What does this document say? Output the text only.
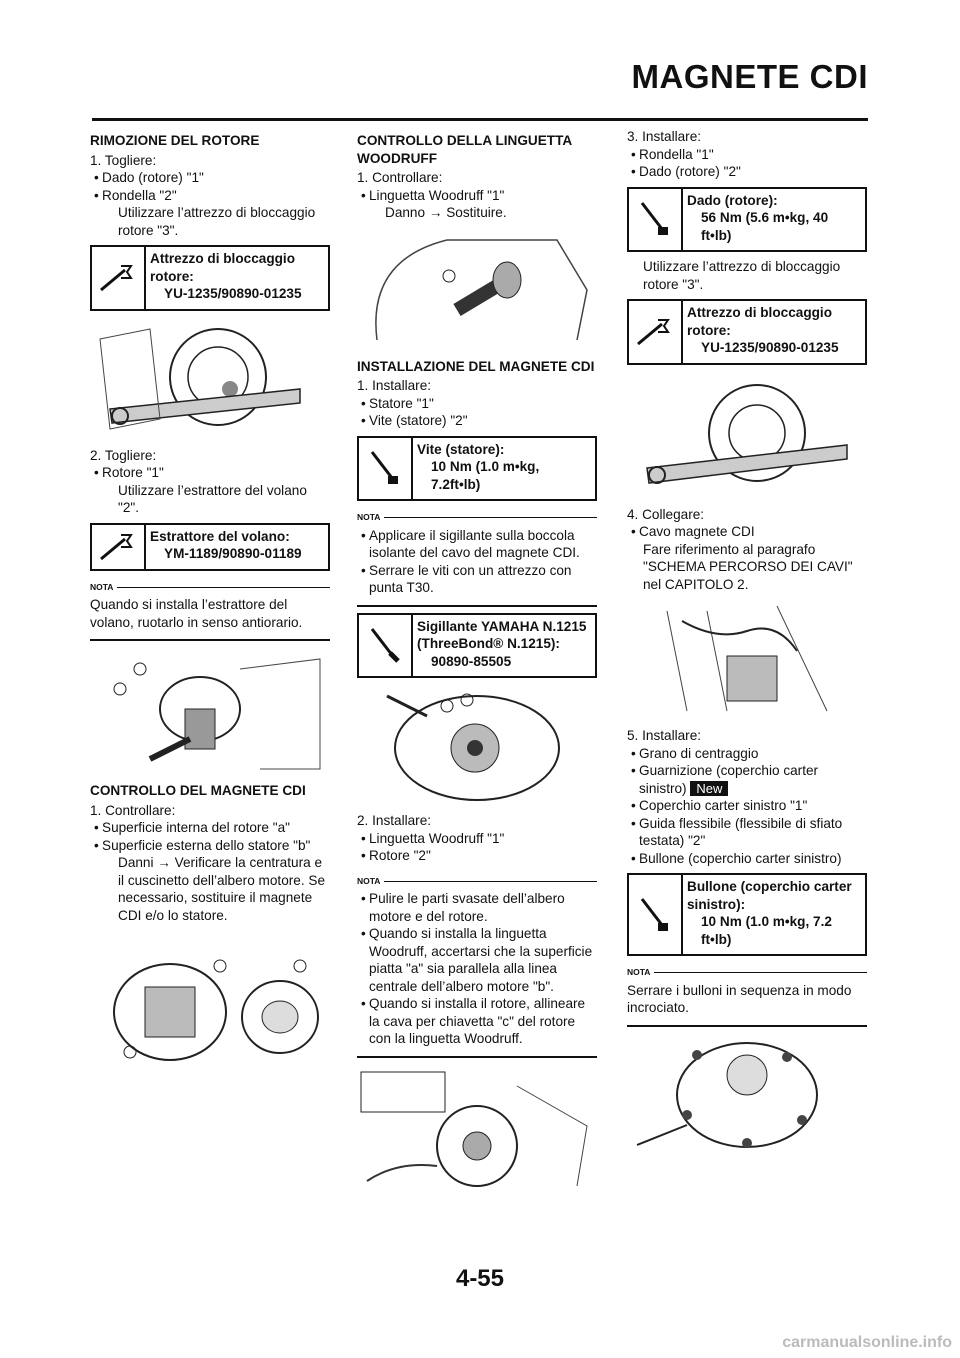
MAGNETE CDI
RIMOZIONE DEL ROTORE
1. Togliere:
• Dado (rotore) "1"
• Rondella "2"
Utilizzare l’attrezzo di bloccaggio rotore "3".
Attrezzo di bloccaggio rotore:
YU-1235/90890-01235
2. Togliere:
• Rotore "1"
Utilizzare l’estrattore del volano "2".
Estrattore del volano:
YM-1189/90890-01189
NOTA
Quando si installa l’estrattore del volano, ruotarlo in senso antiorario.
CONTROLLO DEL MAGNETE CDI
1. Controllare:
• Superficie interna del rotore "a"
• Superficie esterna dello statore "b"
Danni → Verificare la centratura e il cuscinetto dell’albero motore. Se necessario, sostituire il magnete CDI e/o lo statore.
CONTROLLO DELLA LINGUETTA WOODRUFF
1. Controllare:
• Linguetta Woodruff "1"
Danno → Sostituire.
INSTALLAZIONE DEL MAGNETE CDI
1. Installare:
• Statore "1"
• Vite (statore) "2"
Vite (statore):
10 Nm (1.0 m•kg, 7.2ft•lb)
NOTA
• Applicare il sigillante sulla boccola isolante del cavo del magnete CDI.
• Serrare le viti con un attrezzo con punta T30.
Sigillante YAMAHA N.1215 (ThreeBond® N.1215):
90890-85505
2. Installare:
• Linguetta Woodruff "1"
• Rotore "2"
NOTA
• Pulire le parti svasate dell’albero motore e del rotore.
• Quando si installa la linguetta Woodruff, accertarsi che la superficie piatta "a" sia parallela alla linea centrale dell’albero motore "b".
• Quando si installa il rotore, allineare la cava per chiavetta "c" del rotore con la linguetta Woodruff.
3. Installare:
• Rondella "1"
• Dado (rotore) "2"
Dado (rotore):
56 Nm (5.6 m•kg, 40 ft•lb)
Utilizzare l’attrezzo di bloccaggio rotore "3".
Attrezzo di bloccaggio rotore:
YU-1235/90890-01235
4. Collegare:
• Cavo magnete CDI
Fare riferimento al paragrafo "SCHEMA PERCORSO DEI CAVI" nel CAPITOLO 2.
5. Installare:
• Grano di centraggio
• Guarnizione (coperchio carter sinistro) New
• Coperchio carter sinistro "1"
• Guida flessibile (flessibile di sfiato testata) "2"
• Bullone (coperchio carter sinistro)
Bullone (coperchio carter sinistro):
10 Nm (1.0 m•kg, 7.2 ft•lb)
NOTA
Serrare i bulloni in sequenza in modo incrociato.
4-55
carmanualsonline.info
